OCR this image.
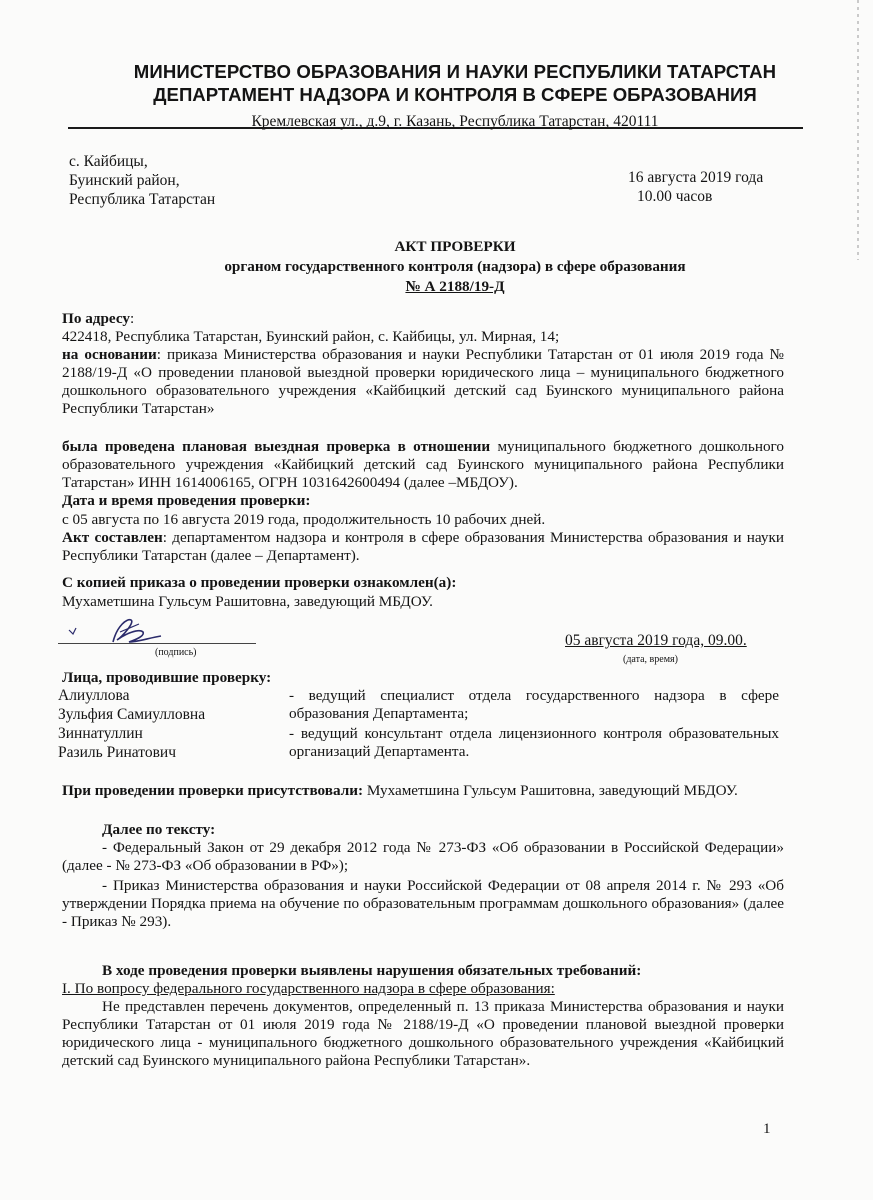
МИНИСТЕРСТВО ОБРАЗОВАНИЯ И НАУКИ РЕСПУБЛИКИ ТАТАРСТАН
ДЕПАРТАМЕНТ НАДЗОРА И КОНТРОЛЯ В СФЕРЕ ОБРАЗОВАНИЯ
Кремлевская ул., д.9, г. Казань, Республика Татарстан, 420111
с. Кайбицы,
Буинский район,
Республика Татарстан
16 августа 2019 года
10.00 часов
АКТ ПРОВЕРКИ
органом государственного контроля (надзора) в сфере образования
№ А 2188/19-Д
По адресу:
422418, Республика Татарстан, Буинский район, с. Кайбицы, ул. Мирная, 14;
на основании: приказа Министерства образования и науки Республики Татарстан от 01 июля 2019 года № 2188/19-Д «О проведении плановой выездной проверки юридического лица – муниципального бюджетного дошкольного образовательного учреждения «Кайбицкий детский сад Буинского муниципального района Республики Татарстан»
была проведена плановая выездная проверка в отношении муниципального бюджетного дошкольного образовательного учреждения «Кайбицкий детский сад Буинского муниципального района Республики Татарстан» ИНН 1614006165, ОГРН 1031642600494 (далее –МБДОУ).
Дата и время проведения проверки:
с 05 августа по 16 августа 2019 года, продолжительность 10 рабочих дней.
Акт составлен: департаментом надзора и контроля в сфере образования Министерства образования и науки Республики Татарстан (далее – Департамент).
С копией приказа о проведении проверки ознакомлен(а):
Мухаметшина Гульсум Рашитовна, заведующий МБДОУ.
(подпись)
05 августа 2019 года, 09.00.
(дата, время)
Лица, проводившие проверку:
Алиуллова
Зульфия Самиулловна
- ведущий специалист отдела государственного надзора в сфере образования Департамента;
Зиннатуллин
Разиль Ринатович
- ведущий консультант отдела лицензионного контроля образовательных организаций Департамента.
При проведении проверки присутствовали: Мухаметшина Гульсум Рашитовна, заведующий МБДОУ.
Далее по тексту:
- Федеральный Закон от 29 декабря 2012 года № 273-ФЗ «Об образовании в Российской Федерации» (далее - № 273-ФЗ «Об образовании в РФ»);
- Приказ Министерства образования и науки Российской Федерации от 08 апреля 2014 г. № 293 «Об утверждении Порядка приема на обучение по образовательным программам дошкольного образования» (далее - Приказ № 293).
В ходе проведения проверки выявлены нарушения обязательных требований:
I. По вопросу федерального государственного надзора в сфере образования:
Не представлен перечень документов, определенный п. 13 приказа Министерства образования и науки Республики Татарстан от 01 июля 2019 года № 2188/19-Д «О проведении плановой выездной проверки юридического лица - муниципального бюджетного дошкольного образовательного учреждения «Кайбицкий детский сад Буинского муниципального района Республики Татарстан».
1
